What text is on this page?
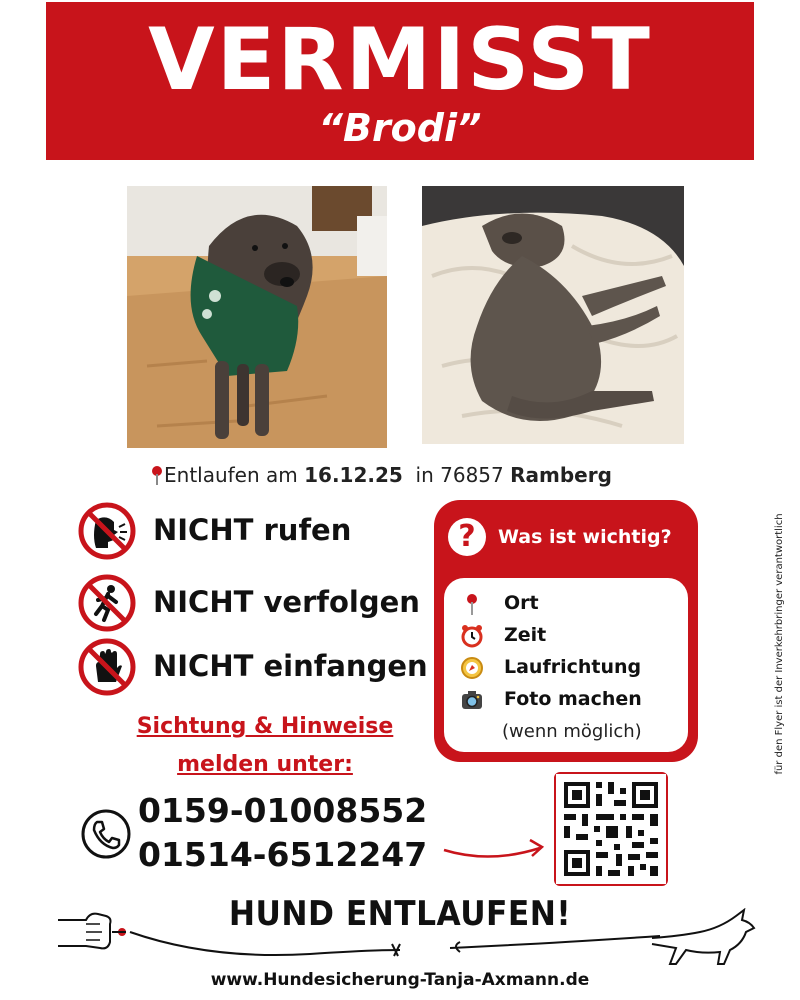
VERMISST
“Brodi”
Entlaufen am 16.12.25  in 76857 Ramberg
NICHT rufen
NICHT verfolgen
NICHT einfangen
?	Was ist wichtig?
Ort
Zeit
Laufrichtung
Foto machen
(wenn möglich)
Sichtung & Hinweise
melden unter:
0159-01008552
01514-6512247
für den Flyer ist der Inverkehrbringer verantwortlich
HUND ENTLAUFEN!
www.Hundesicherung-Tanja-Axmann.de
